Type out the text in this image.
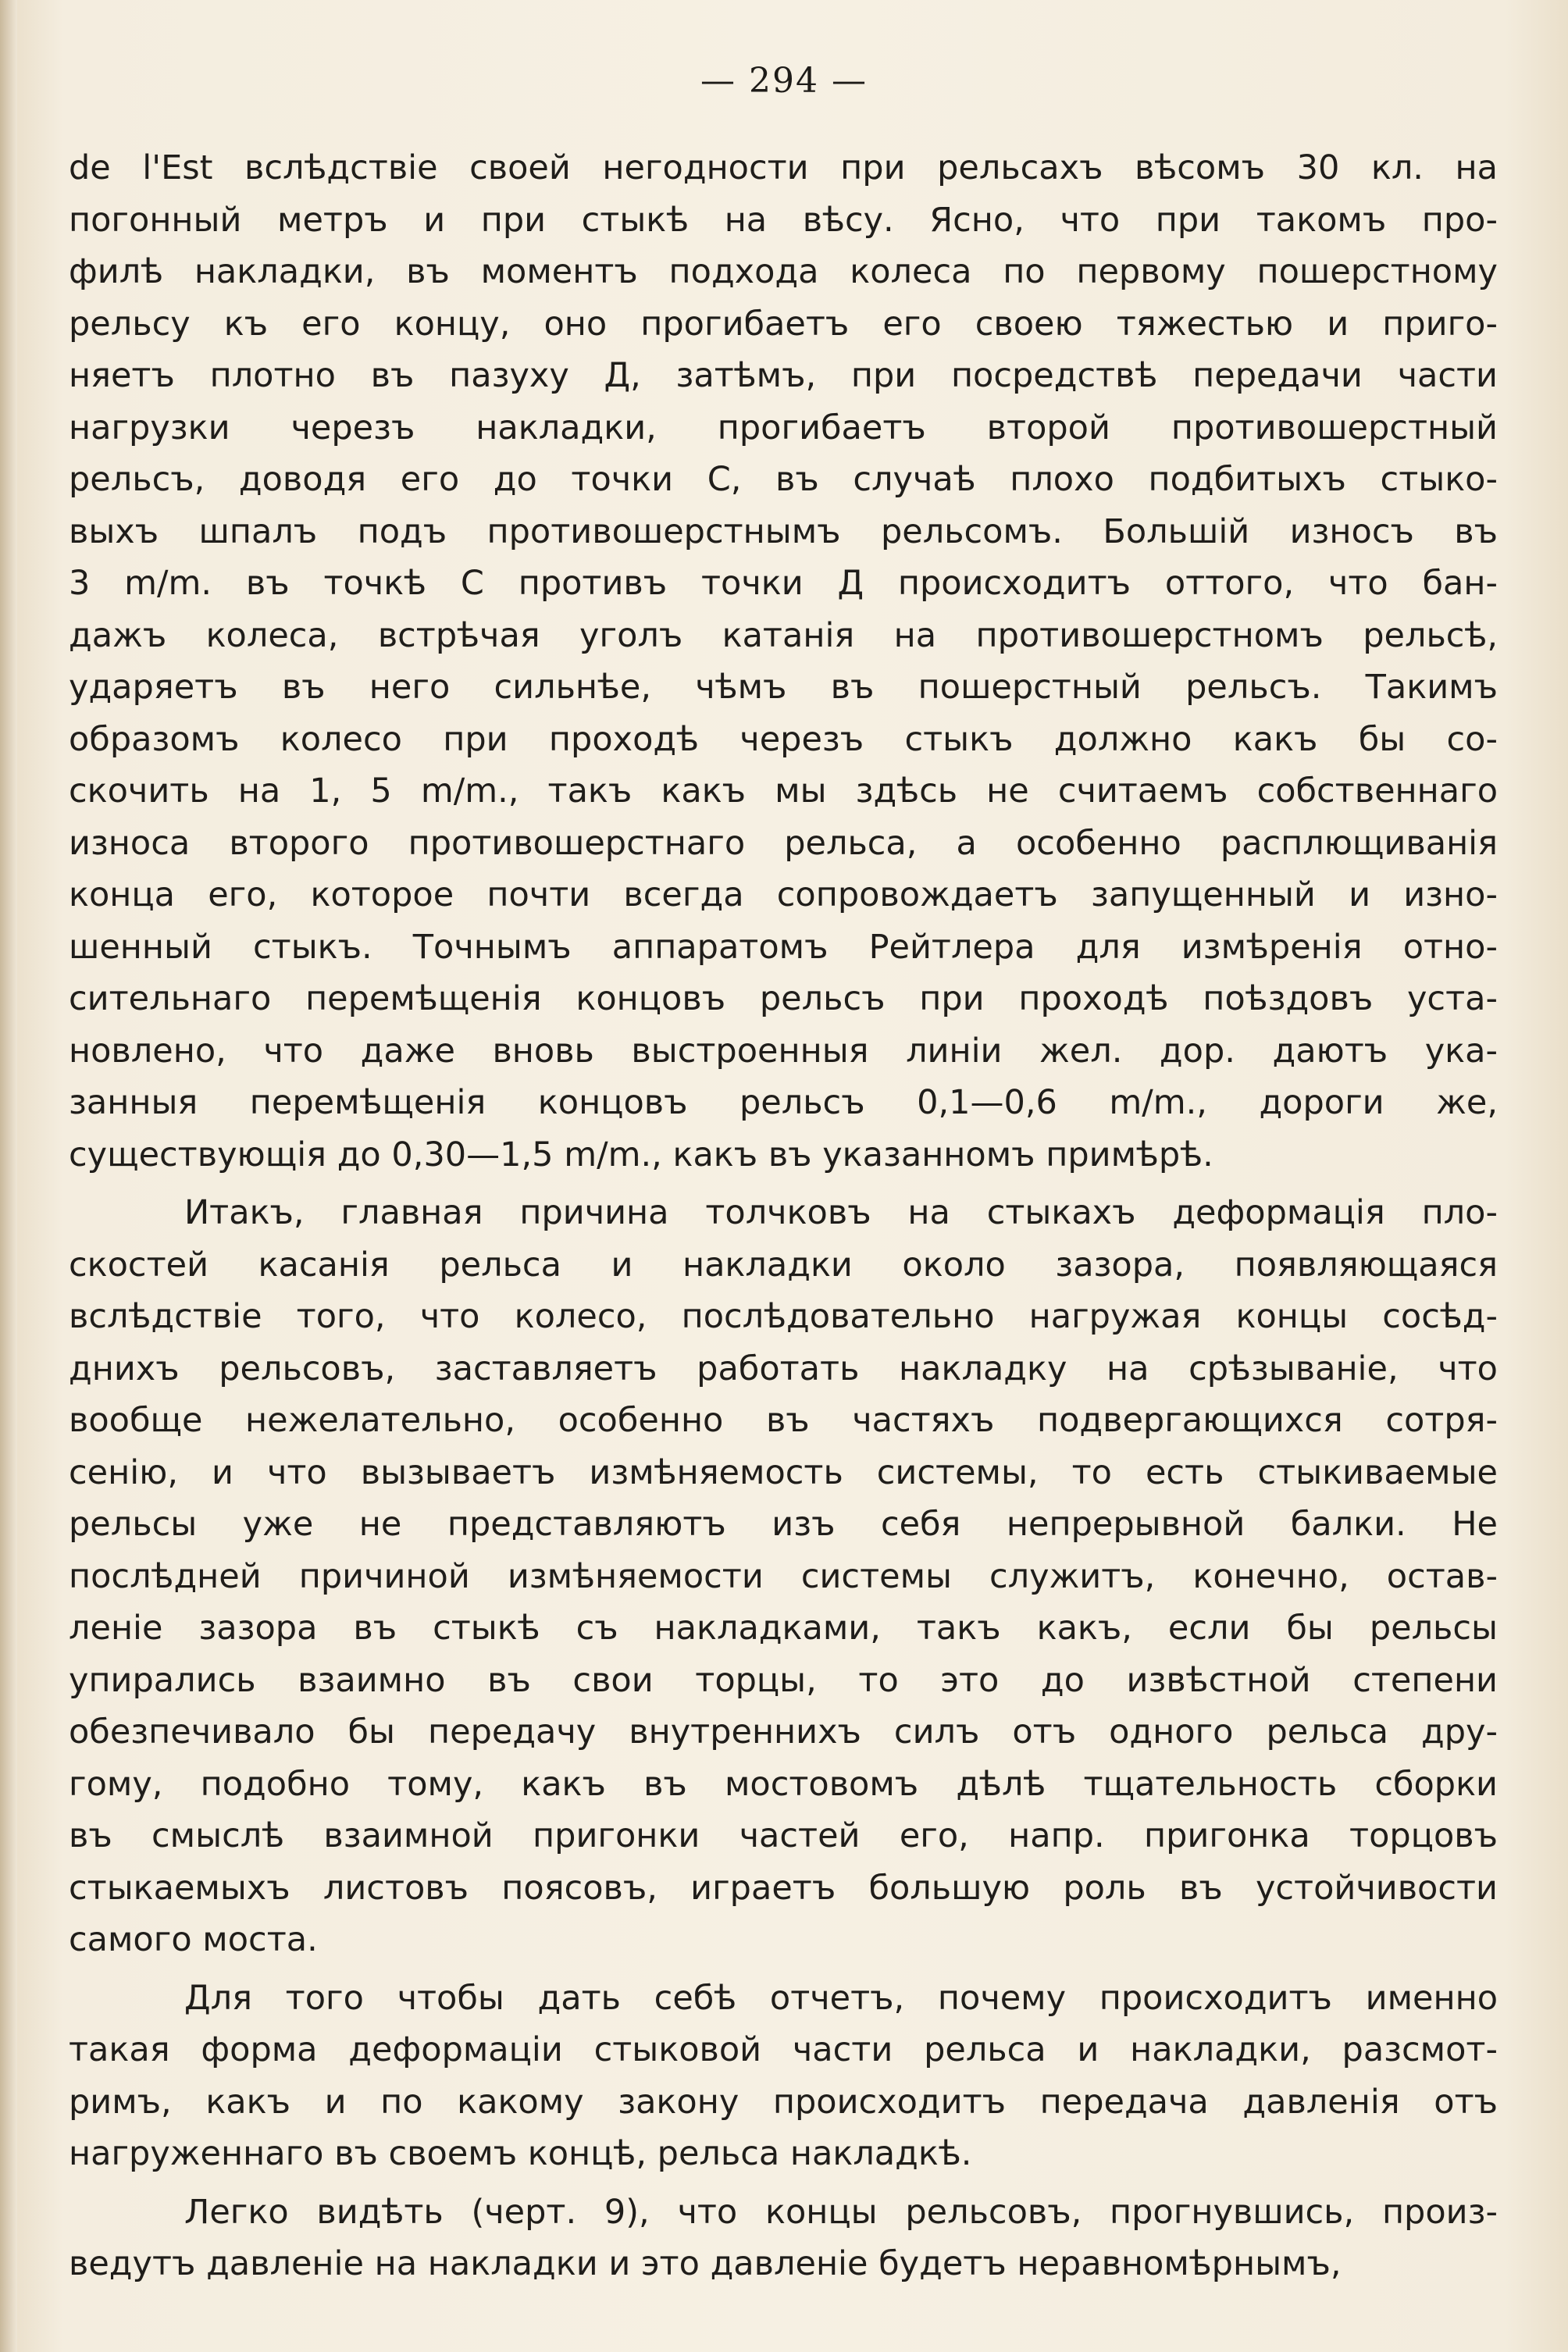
— 294 —
de l'Est вслѣдствіе своей негодности при рельсахъ вѣсомъ 30 кл. на
погонный метръ и при стыкѣ на вѣсу. Ясно, что при такомъ про-
филѣ накладки, въ моментъ подхода колеса по первому пошерстному
рельсу къ его концу, оно прогибаетъ его своею тяжестью и приго-
няетъ плотно въ пазуху Д, затѣмъ, при посредствѣ передачи части
нагрузки черезъ накладки, прогибаетъ второй противошерстный
рельсъ, доводя его до точки С, въ случаѣ плохо подбитыхъ стыко-
выхъ шпалъ подъ противошерстнымъ рельсомъ. Большій износъ въ
3 m/m. въ точкѣ С противъ точки Д происходитъ оттого, что бан-
дажъ колеса, встрѣчая уголъ катанія на противошерстномъ рельсѣ,
ударяетъ въ него сильнѣе, чѣмъ въ пошерстный рельсъ. Такимъ
образомъ колесо при проходѣ черезъ стыкъ должно какъ бы со-
скочить на 1, 5 m/m., такъ какъ мы здѣсь не считаемъ собственнаго
износа второго противошерстнаго рельса, а особенно расплющиванія
конца его, которое почти всегда сопровождаетъ запущенный и изно-
шенный стыкъ. Точнымъ аппаратомъ Рейтлера для измѣренія отно-
сительнаго перемѣщенія концовъ рельсъ при проходѣ поѣздовъ уста-
новлено, что даже вновь выстроенныя линіи жел. дор. даютъ ука-
занныя перемѣщенія концовъ рельсъ 0,1—0,6 m/m., дороги же,
существующія до 0,30—1,5 m/m., какъ въ указанномъ примѣрѣ.
Итакъ, главная причина толчковъ на стыкахъ деформація пло-
скостей касанія рельса и накладки около зазора, появляющаяся
вслѣдствіе того, что колесо, послѣдовательно нагружая концы сосѣд-
днихъ рельсовъ, заставляетъ работать накладку на срѣзываніе, что
вообще нежелательно, особенно въ частяхъ подвергающихся сотря-
сенію, и что вызываетъ измѣняемость системы, то есть стыкиваемые
рельсы уже не представляютъ изъ себя непрерывной балки. Не
послѣдней причиной измѣняемости системы служитъ, конечно, остав-
леніе зазора въ стыкѣ съ накладками, такъ какъ, если бы рельсы
упирались взаимно въ свои торцы, то это до извѣстной степени
обезпечивало бы передачу внутреннихъ силъ отъ одного рельса дру-
гому, подобно тому, какъ въ мостовомъ дѣлѣ тщательность сборки
въ смыслѣ взаимной пригонки частей его, напр. пригонка торцовъ
стыкаемыхъ листовъ поясовъ, играетъ большую роль въ устойчивости
самого моста.
Для того чтобы дать себѣ отчетъ, почему происходитъ именно
такая форма деформаціи стыковой части рельса и накладки, разсмот-
римъ, какъ и по какому закону происходитъ передача давленія отъ
нагруженнаго въ своемъ концѣ, рельса накладкѣ.
Легко видѣть (черт. 9), что концы рельсовъ, прогнувшись, произ-
ведутъ давленіе на накладки и это давленіе будетъ неравномѣрнымъ,
